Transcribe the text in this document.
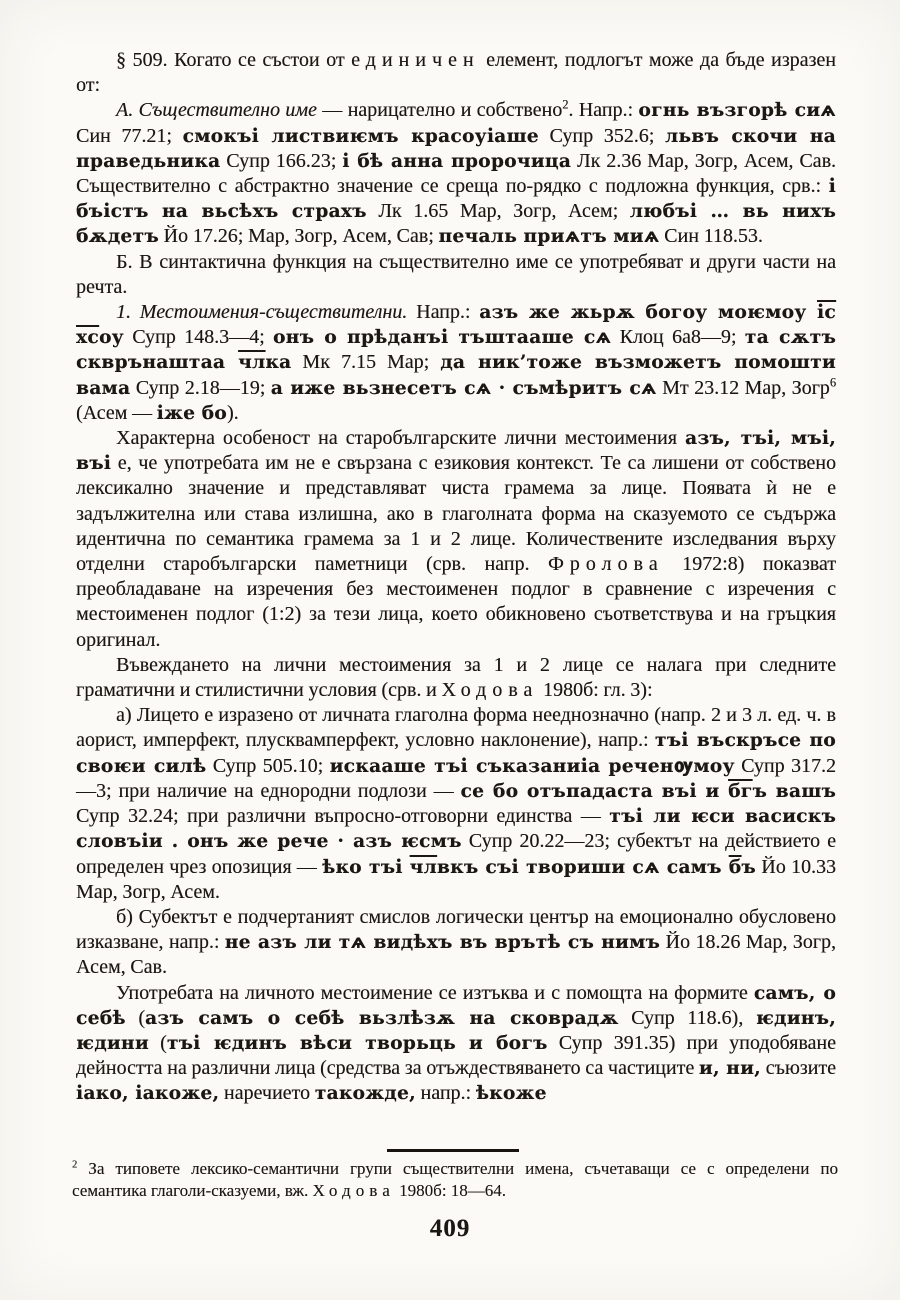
§ 509. Когато се състои от единичен елемент, подлогът може да бъде изразен от:

А. Съществително име — нарицателно и собствено$^2$. Напр.: огнь възгорѣ сиѧ Син 77.21; смокъі листвиѥмъ красоуіаше Супр 352.6; львъ скочи на праведьника Супр 166.23; і бѣ анна пророчица Лк 2.36 Мар, Зогр, Асем, Сав. Съществително с абстрактно значение се среща по-рядко с подложна функция, срв.: і бъістъ на вьсѣхъ страхъ Лк 1.65 Мар, Зогр, Асем; любъі … вь нихъ бѫдетъ Йо 17.26; Мар, Зогр, Асем, Сав; печаль приѧтъ миѧ Син 118.53.

Б. В синтактична функция на съществително име се употребяват и други части на речта.

1. Местоимения-съществителни. Напр.: азъ же жьрѫ богоу моѥмоу іс хсоу Супр 148.3—4; онъ о прѣданъі тъштааше сѧ Клоц 6а8—9; та сѫтъ скврънаштаа члка Мк 7.15 Мар; да ник’тоже възможетъ помошти вама Супр 2.18—19; а иже вьзнесетъ сѧ · съмѣритъ сѧ Мт 23.12 Мар, Зогр$^6$ (Асем — іже бо).

Характерна особеност на старобългарските лични местоимения азъ, тъі, мъі, въі е, че употребата им не е свързана с езиковия контекст. Те са лишени от собствено лексикално значение и представляват чиста грамема за лице. Появата ѝ не е задължителна или става излишна, ако в глаголната форма на сказуемото се съдържа идентична по семантика грамема за 1 и 2 лице. Количествените изследвания върху отделни старобългарски паметници (срв. напр. Фролова 1972:8) показват преобладаване на изречения без местоименен подлог в сравнение с изречения с местоименен подлог (1:2) за тези лица, което обикновено съответствува и на гръцкия оригинал.

Въвеждането на лични местоимения за 1 и 2 лице се налага при следните граматични и стилистични условия (срв. и Ходова 1980б: гл. 3):

а) Лицето е изразено от личната глаголна форма нееднозначно (напр. 2 и 3 л. ед. ч. в аорист, имперфект, плусквамперфект, условно наклонение), напр.: тъі въскръсе по своѥи силѣ Супр 505.10; искааше тъі съказаниіа реченѹмоу Супр 317.2—3; при наличие на еднородни подлози — се бо отъпадаста въі и бгъ вашъ Супр 32.24; при различни въпросно-отговорни единства — тъі ли ѥси васискъ словъіи . онъ же рече · азъ ѥсмъ Супр 20.22—23; субектът на действието е определен чрез опозиция — ѣко тъі члвкъ съі твориши сѧ самъ бъ Йо 10.33 Мар, Зогр, Асем.

б) Субектът е подчертаният смислов логически център на емоционално обусловено изказване, напр.: не азъ ли тѧ видѣхъ въ врътѣ съ нимъ Йо 18.26 Мар, Зогр, Асем, Сав.

Употребата на личното местоимение се изтъква и с помощта на формите самъ, о себѣ (азъ самъ о себѣ вьзлѣзѫ на сковрадѫ Супр 118.6), ѥдинъ, ѥдини (тъі ѥдинъ вѣси творьць и богъ Супр 391.35) при уподобяване дейността на различни лица (средства за отъждествяването са частиците и, ни, съюзите іако, іакоже, наречието такожде, напр.: ѣкоже

$^2$ За типовете лексико-семантични групи съществителни имена, съчетаващи се с определени по семантика глаголи-сказуеми, вж. Ходова 1980б: 18—64.
409
